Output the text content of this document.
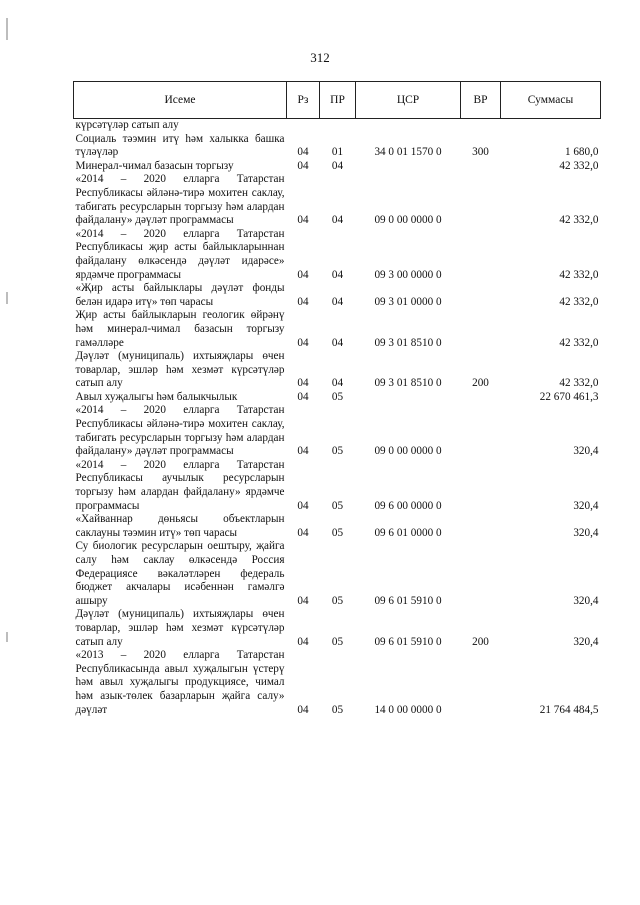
312
Исеме	Рз	ПР	ЦСР	ВР	Суммасы
күрсәтүләр сатып алу					
Социаль тәэмин итү һәм халыкка башка түләүләр	04	01	34 0 01 1570 0	300	1 680,0
Минерал-чимал базасын торгызу	04	04			42 332,0
«2014 – 2020 елларга Татарстан Республикасы әйләнә-тирә мохитен саклау, табигать ресурсларын торгызу һәм алардан файдалану» дәүләт программасы	04	04	09 0 00 0000 0		42 332,0
«2014 – 2020 елларга Татарстан Республикасы җир асты байлыкларыннан файдалану өлкәсендә дәүләт идарәсе» ярдәмче программасы	04	04	09 3 00 0000 0		42 332,0
«Җир асты байлыклары дәүләт фонды белән идарә итү» төп чарасы	04	04	09 3 01 0000 0		42 332,0
Җир асты байлыкларын геологик өйрәнү һәм минерал-чимал базасын торгызу гамәлләре	04	04	09 3 01 8510 0		42 332,0
Дәүләт (муниципаль) ихтыяҗлары өчен товарлар, эшләр һәм хезмәт күрсәтүләр сатып алу	04	04	09 3 01 8510 0	200	42 332,0
Авыл хуҗалыгы һәм балыкчылык	04	05			22 670 461,3
«2014 – 2020 елларга Татарстан Республикасы әйләнә-тирә мохитен саклау, табигать ресурсларын торгызу һәм алардан файдалану» дәүләт программасы	04	05	09 0 00 0000 0		320,4
«2014 – 2020 елларга Татарстан Республикасы аучылык ресурсларын торгызу һәм алардан файдалану» ярдәмче программасы	04	05	09 6 00 0000 0		320,4
«Хайваннар дөньясы объектларын саклауны тәэмин итү» төп чарасы	04	05	09 6 01 0000 0		320,4
Су биологик ресурсларын оештыру, җайга салу һәм саклау өлкәсендә Россия Федерациясе вәкаләтләрен федераль бюджет акчалары исәбеннән гамәлгә ашыру	04	05	09 6 01 5910 0		320,4
Дәүләт (муниципаль) ихтыяҗлары өчен товарлар, эшләр һәм хезмәт күрсәтүләр сатып алу	04	05	09 6 01 5910 0	200	320,4
«2013 – 2020 елларга Татарстан Республикасында авыл хуҗалыгын үстерү һәм авыл хуҗалыгы продукциясе, чимал һәм азык-төлек базарларын җайга салу» дәүләт	04	05	14 0 00 0000 0		21 764 484,5
